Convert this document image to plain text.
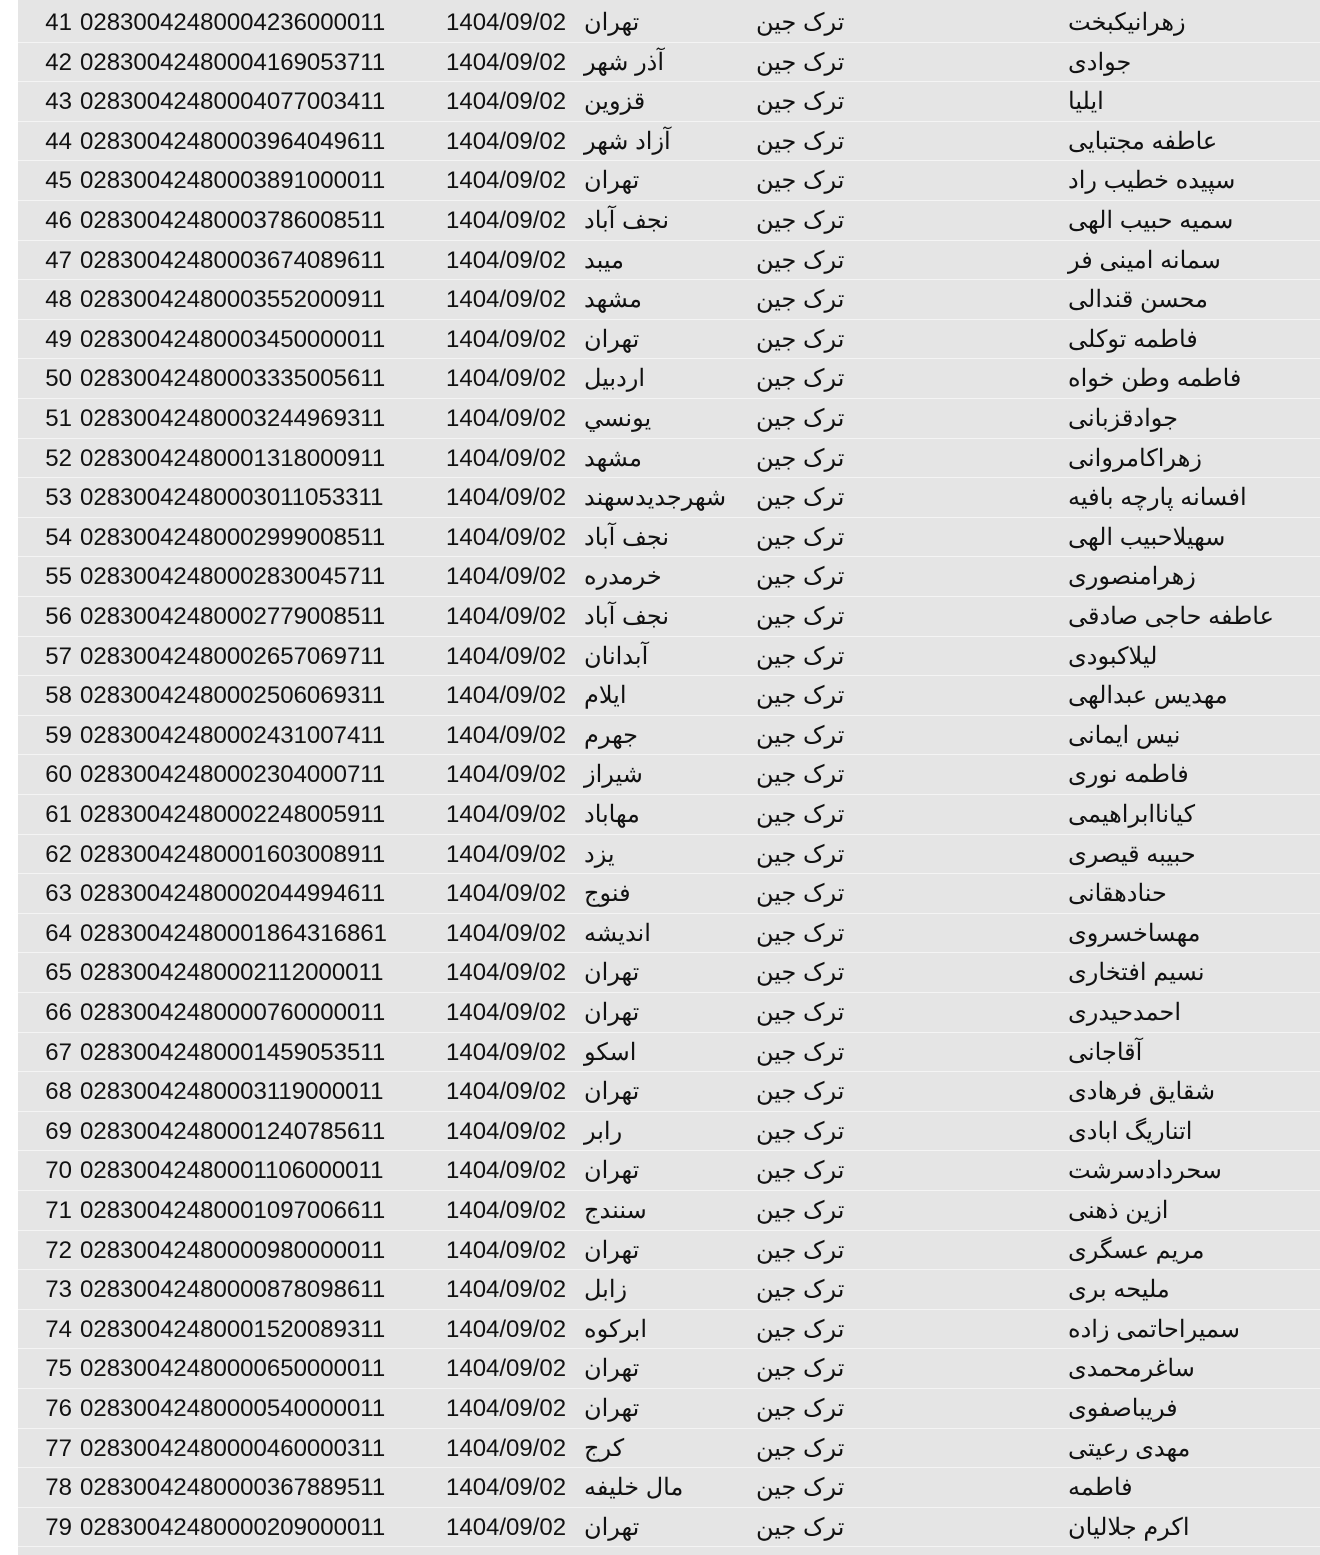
41 02830042480004236000011	1404/09/02 تهران	ترک جین	زهرانیکبخت
42 02830042480004169053711	1404/09/02 آذر شهر	ترک جین	جوادی
43 02830042480004077003411	1404/09/02 قزوین	ترک جین	ایلیا
44 02830042480003964049611	1404/09/02 آزاد شهر	ترک جین	عاطفه مجتبایی
45 02830042480003891000011	1404/09/02 تهران	ترک جین	سپیده خطیب راد
46 02830042480003786008511	1404/09/02 نجف آباد	ترک جین	سمیه حبیب الهی
47 02830042480003674089611	1404/09/02 میبد	ترک جین	سمانه امینی فر
48 02830042480003552000911	1404/09/02 مشهد	ترک جین	محسن قندالی
49 02830042480003450000011	1404/09/02 تهران	ترک جین	فاطمه توکلی
50 02830042480003335005611	1404/09/02 اردبیل	ترک جین	فاطمه وطن خواه
51 02830042480003244969311	1404/09/02 یونسي	ترک جین	جوادقزبانی
52 02830042480001318000911	1404/09/02 مشهد	ترک جین	زهراکامروانی
53 02830042480003011053311	1404/09/02 شهرجدیدسهند ترک جین	افسانه پارچه بافیه
54 02830042480002999008511	1404/09/02 نجف آباد	ترک جین	سهیلاحبیب الهی
55 02830042480002830045711	1404/09/02 خرمدره	ترک جین	زهرامنصوری
56 02830042480002779008511	1404/09/02 نجف آباد	ترک جین	عاطفه حاجی صادقی
57 02830042480002657069711	1404/09/02 آبدانان	ترک جین	لیلاکبودی
58 02830042480002506069311	1404/09/02 ایلام	ترک جین	مهدیس عبدالهی
59 02830042480002431007411	1404/09/02 جهرم	ترک جین	نیس ایمانی
60 02830042480002304000711	1404/09/02 شیراز	ترک جین	فاطمه نوری
61 02830042480002248005911	1404/09/02 مهاباد	ترک جین	کیاناابراهیمی
62 02830042480001603008911	1404/09/02 یزد	ترک جین	حبیبه قیصری
63 02830042480002044994611	1404/09/02 فنوج	ترک جین	حنادهقانی
64 02830042480001864316861	1404/09/02 اندیشه	ترک جین	مهساخسروی
65 02830042480002112000011	1404/09/02 تهران	ترک جین	نسیم افتخاری
66 02830042480000760000011	1404/09/02 تهران	ترک جین	احمدحیدری
67 02830042480001459053511	1404/09/02 اسکو	ترک جین	آقاجانی
68 02830042480003119000011	1404/09/02 تهران	ترک جین	شقایق فرهادی
69 02830042480001240785611	1404/09/02 رابر	ترک جین	اتناریگ ابادی
70 02830042480001106000011	1404/09/02 تهران	ترک جین	سحردادسرشت
71 02830042480001097006611	1404/09/02 سنندج	ترک جین	ازین ذهنی
72 02830042480000980000011	1404/09/02 تهران	ترک جین	مریم عسگری
73 02830042480000878098611	1404/09/02 زابل	ترک جین	ملیحه بری
74 02830042480001520089311	1404/09/02 ابرکوه	ترک جین	سمیراحاتمی زاده
75 02830042480000650000011	1404/09/02 تهران	ترک جین	ساغرمحمدی
76 02830042480000540000011	1404/09/02 تهران	ترک جین	فریباصفوی
77 02830042480000460000311	1404/09/02 کرج	ترک جین	مهدی رعیتی
78 02830042480000367889511	1404/09/02 مال خلیفه	ترک جین	فاطمه
79 02830042480000209000011	1404/09/02 تهران	ترک جین	اکرم جلالیان
